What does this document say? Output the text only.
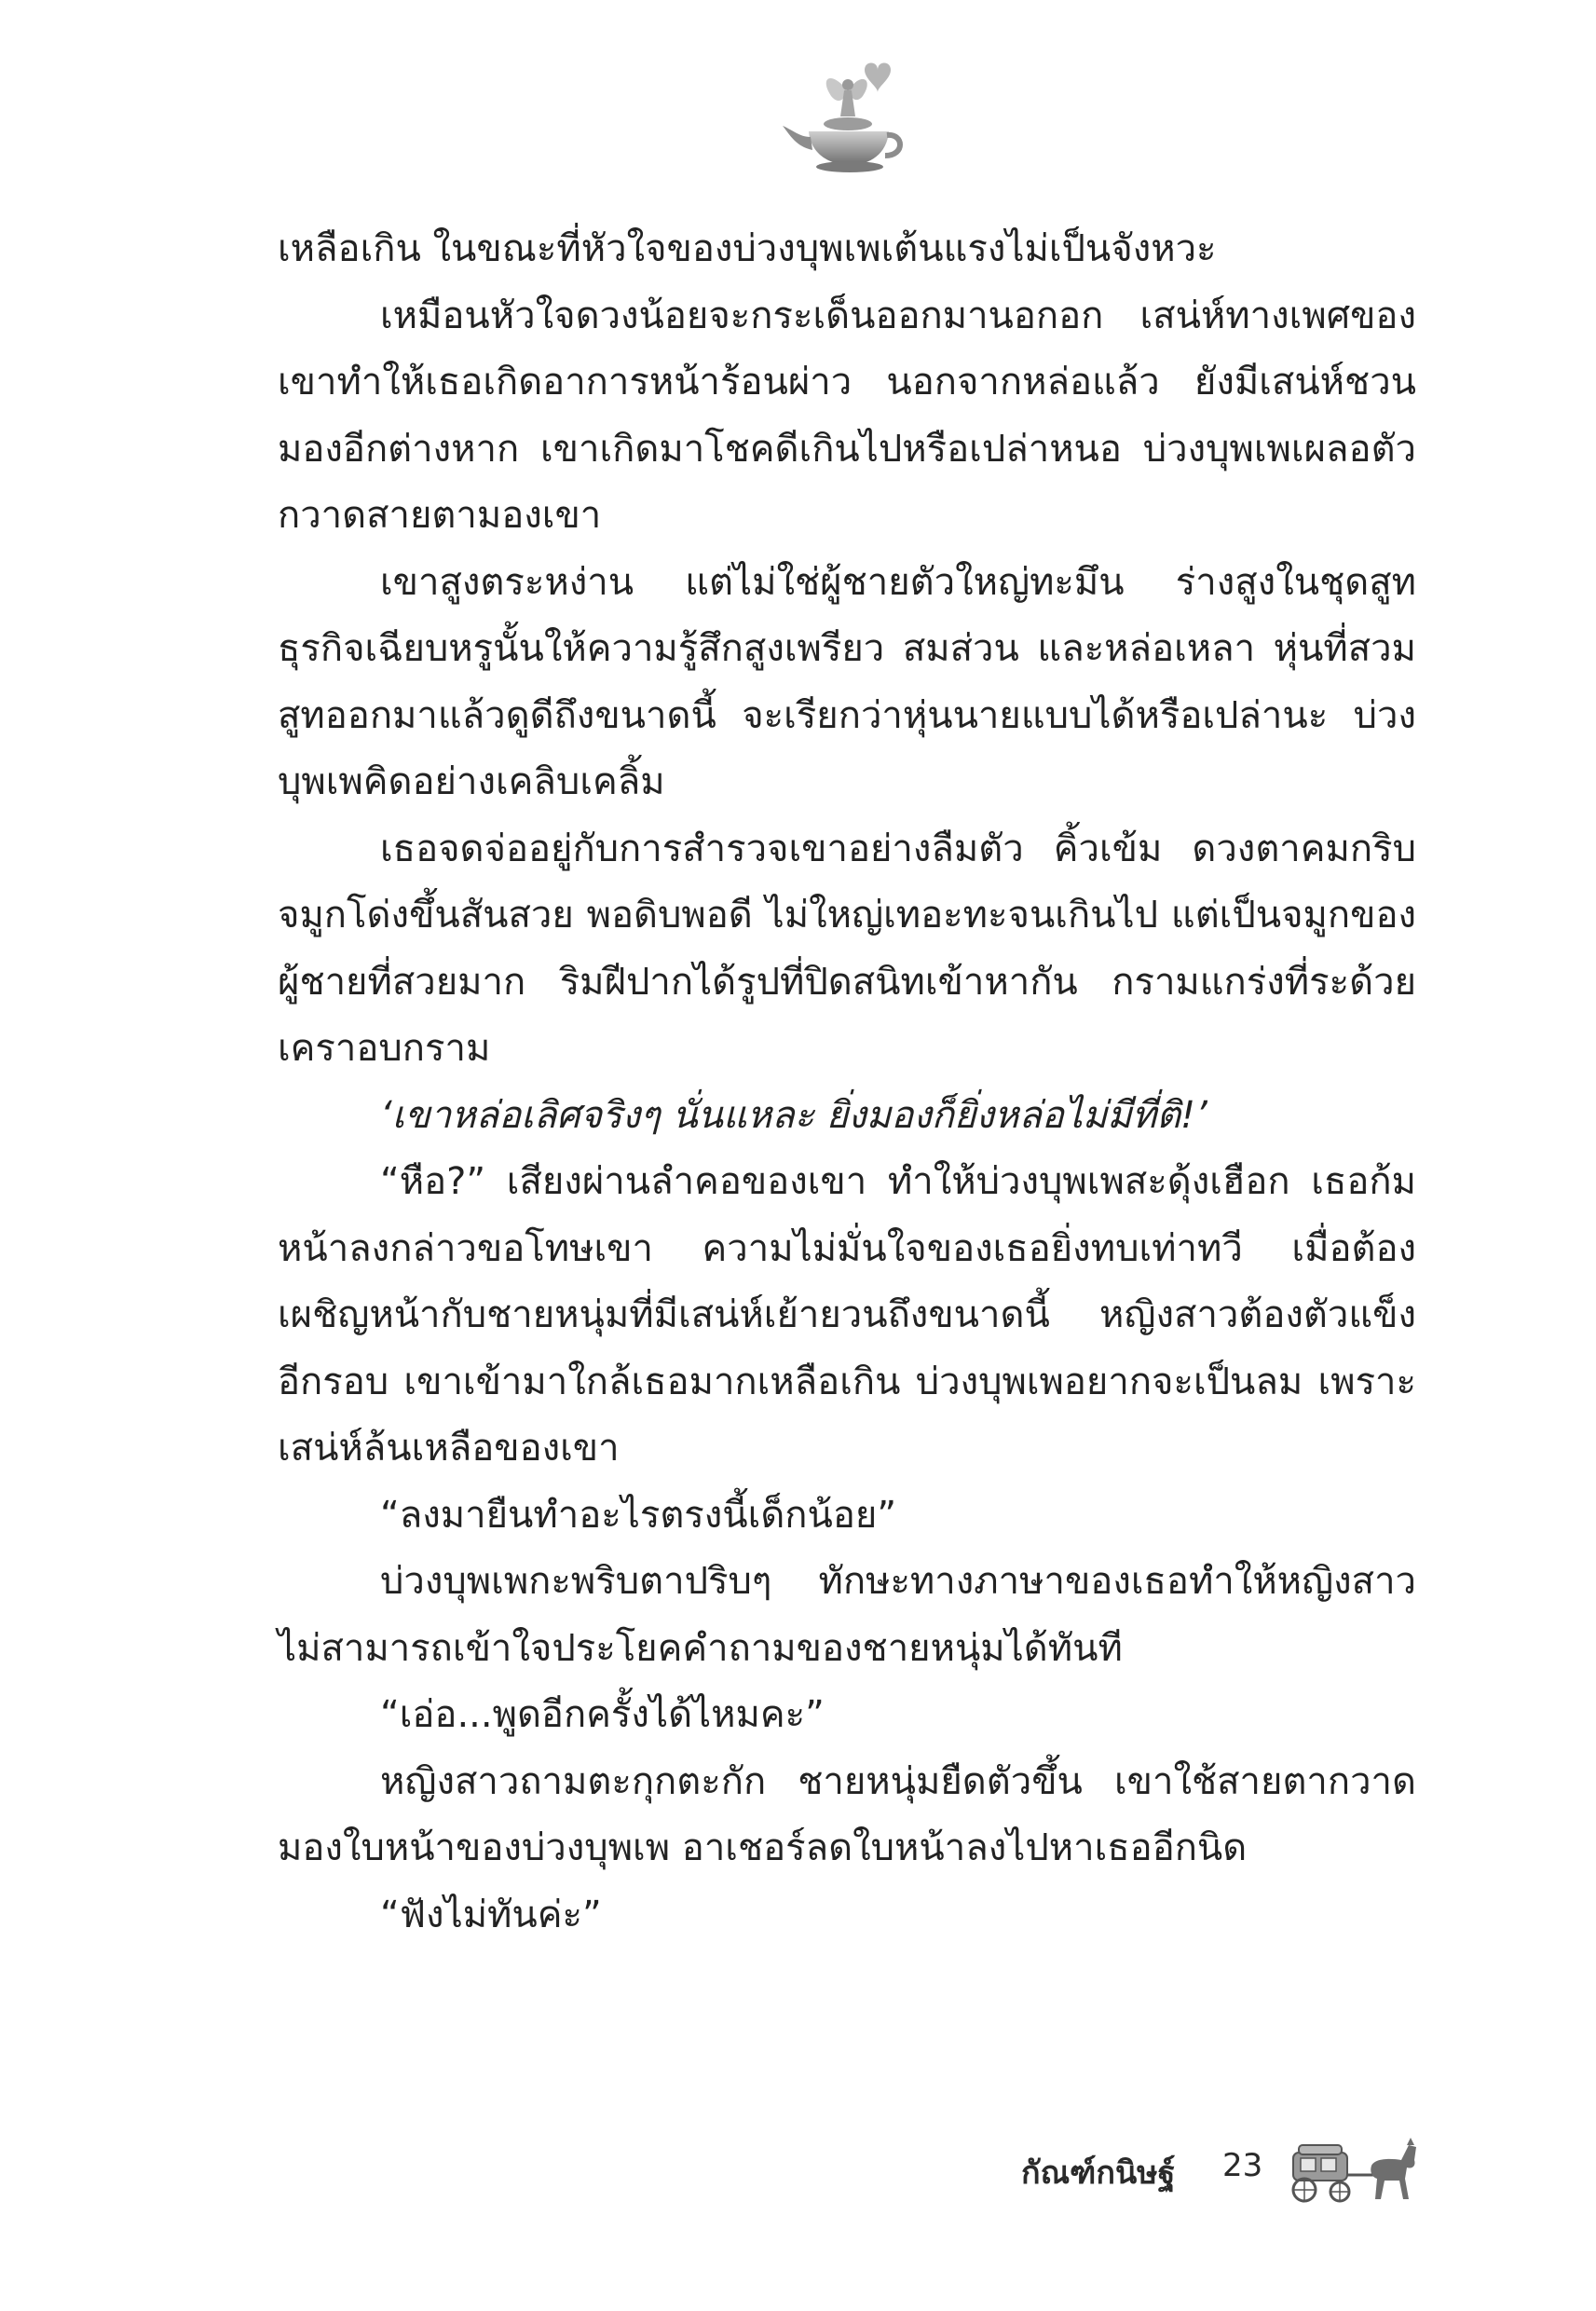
เหลือเกิน ในขณะที่หัวใจของบ่วงบุพเพเต้นแรงไม่เป็นจังหวะ

เหมือนหัวใจดวงน้อยจะกระเด็นออกมานอกอก เสน่ห์ทางเพศของเขาทำให้เธอเกิดอาการหน้าร้อนผ่าว นอกจากหล่อแล้ว ยังมีเสน่ห์ชวนมองอีกต่างหาก เขาเกิดมาโชคดีเกินไปหรือเปล่าหนอ บ่วงบุพเพเผลอตัวกวาดสายตามองเขา

เขาสูงตระหง่าน แต่ไม่ใช่ผู้ชายตัวใหญ่ทะมึน ร่างสูงในชุดสูทธุรกิจเฉียบหรูนั้นให้ความรู้สึกสูงเพรียว สมส่วน และหล่อเหลา หุ่นที่สวมสูทออกมาแล้วดูดีถึงขนาดนี้ จะเรียกว่าหุ่นนายแบบได้หรือเปล่านะ บ่วงบุพเพคิดอย่างเคลิบเคลิ้ม

เธอจดจ่ออยู่กับการสำรวจเขาอย่างลืมตัว คิ้วเข้ม ดวงตาคมกริบ จมูกโด่งขึ้นสันสวย พอดิบพอดี ไม่ใหญ่เทอะทะจนเกินไป แต่เป็นจมูกของผู้ชายที่สวยมาก ริมฝีปากได้รูปที่ปิดสนิทเข้าหากัน กรามแกร่งที่ระด้วยเคราอบกราม

‘เขาหล่อเลิศจริงๆ นั่นแหละ ยิ่งมองก็ยิ่งหล่อไม่มีที่ติ!’

“หือ?” เสียงผ่านลำคอของเขา ทำให้บ่วงบุพเพสะดุ้งเฮือก เธอก้มหน้าลงกล่าวขอโทษเขา ความไม่มั่นใจของเธอยิ่งทบเท่าทวี เมื่อต้องเผชิญหน้ากับชายหนุ่มที่มีเสน่ห์เย้ายวนถึงขนาดนี้ หญิงสาวต้องตัวแข็งอีกรอบ เขาเข้ามาใกล้เธอมากเหลือเกิน บ่วงบุพเพอยากจะเป็นลม เพราะเสน่ห์ล้นเหลือของเขา

“ลงมายืนทำอะไรตรงนี้เด็กน้อย”

บ่วงบุพเพกะพริบตาปริบๆ ทักษะทางภาษาของเธอทำให้หญิงสาวไม่สามารถเข้าใจประโยคคำถามของชายหนุ่มได้ทันที

“เอ่อ...พูดอีกครั้งได้ไหมคะ”

หญิงสาวถามตะกุกตะกัก ชายหนุ่มยืดตัวขึ้น เขาใช้สายตากวาดมองใบหน้าของบ่วงบุพเพ อาเชอร์ลดใบหน้าลงไปหาเธออีกนิด

“ฟังไม่ทันค่ะ”

กัณฑ์กนิษฐ์ 23
